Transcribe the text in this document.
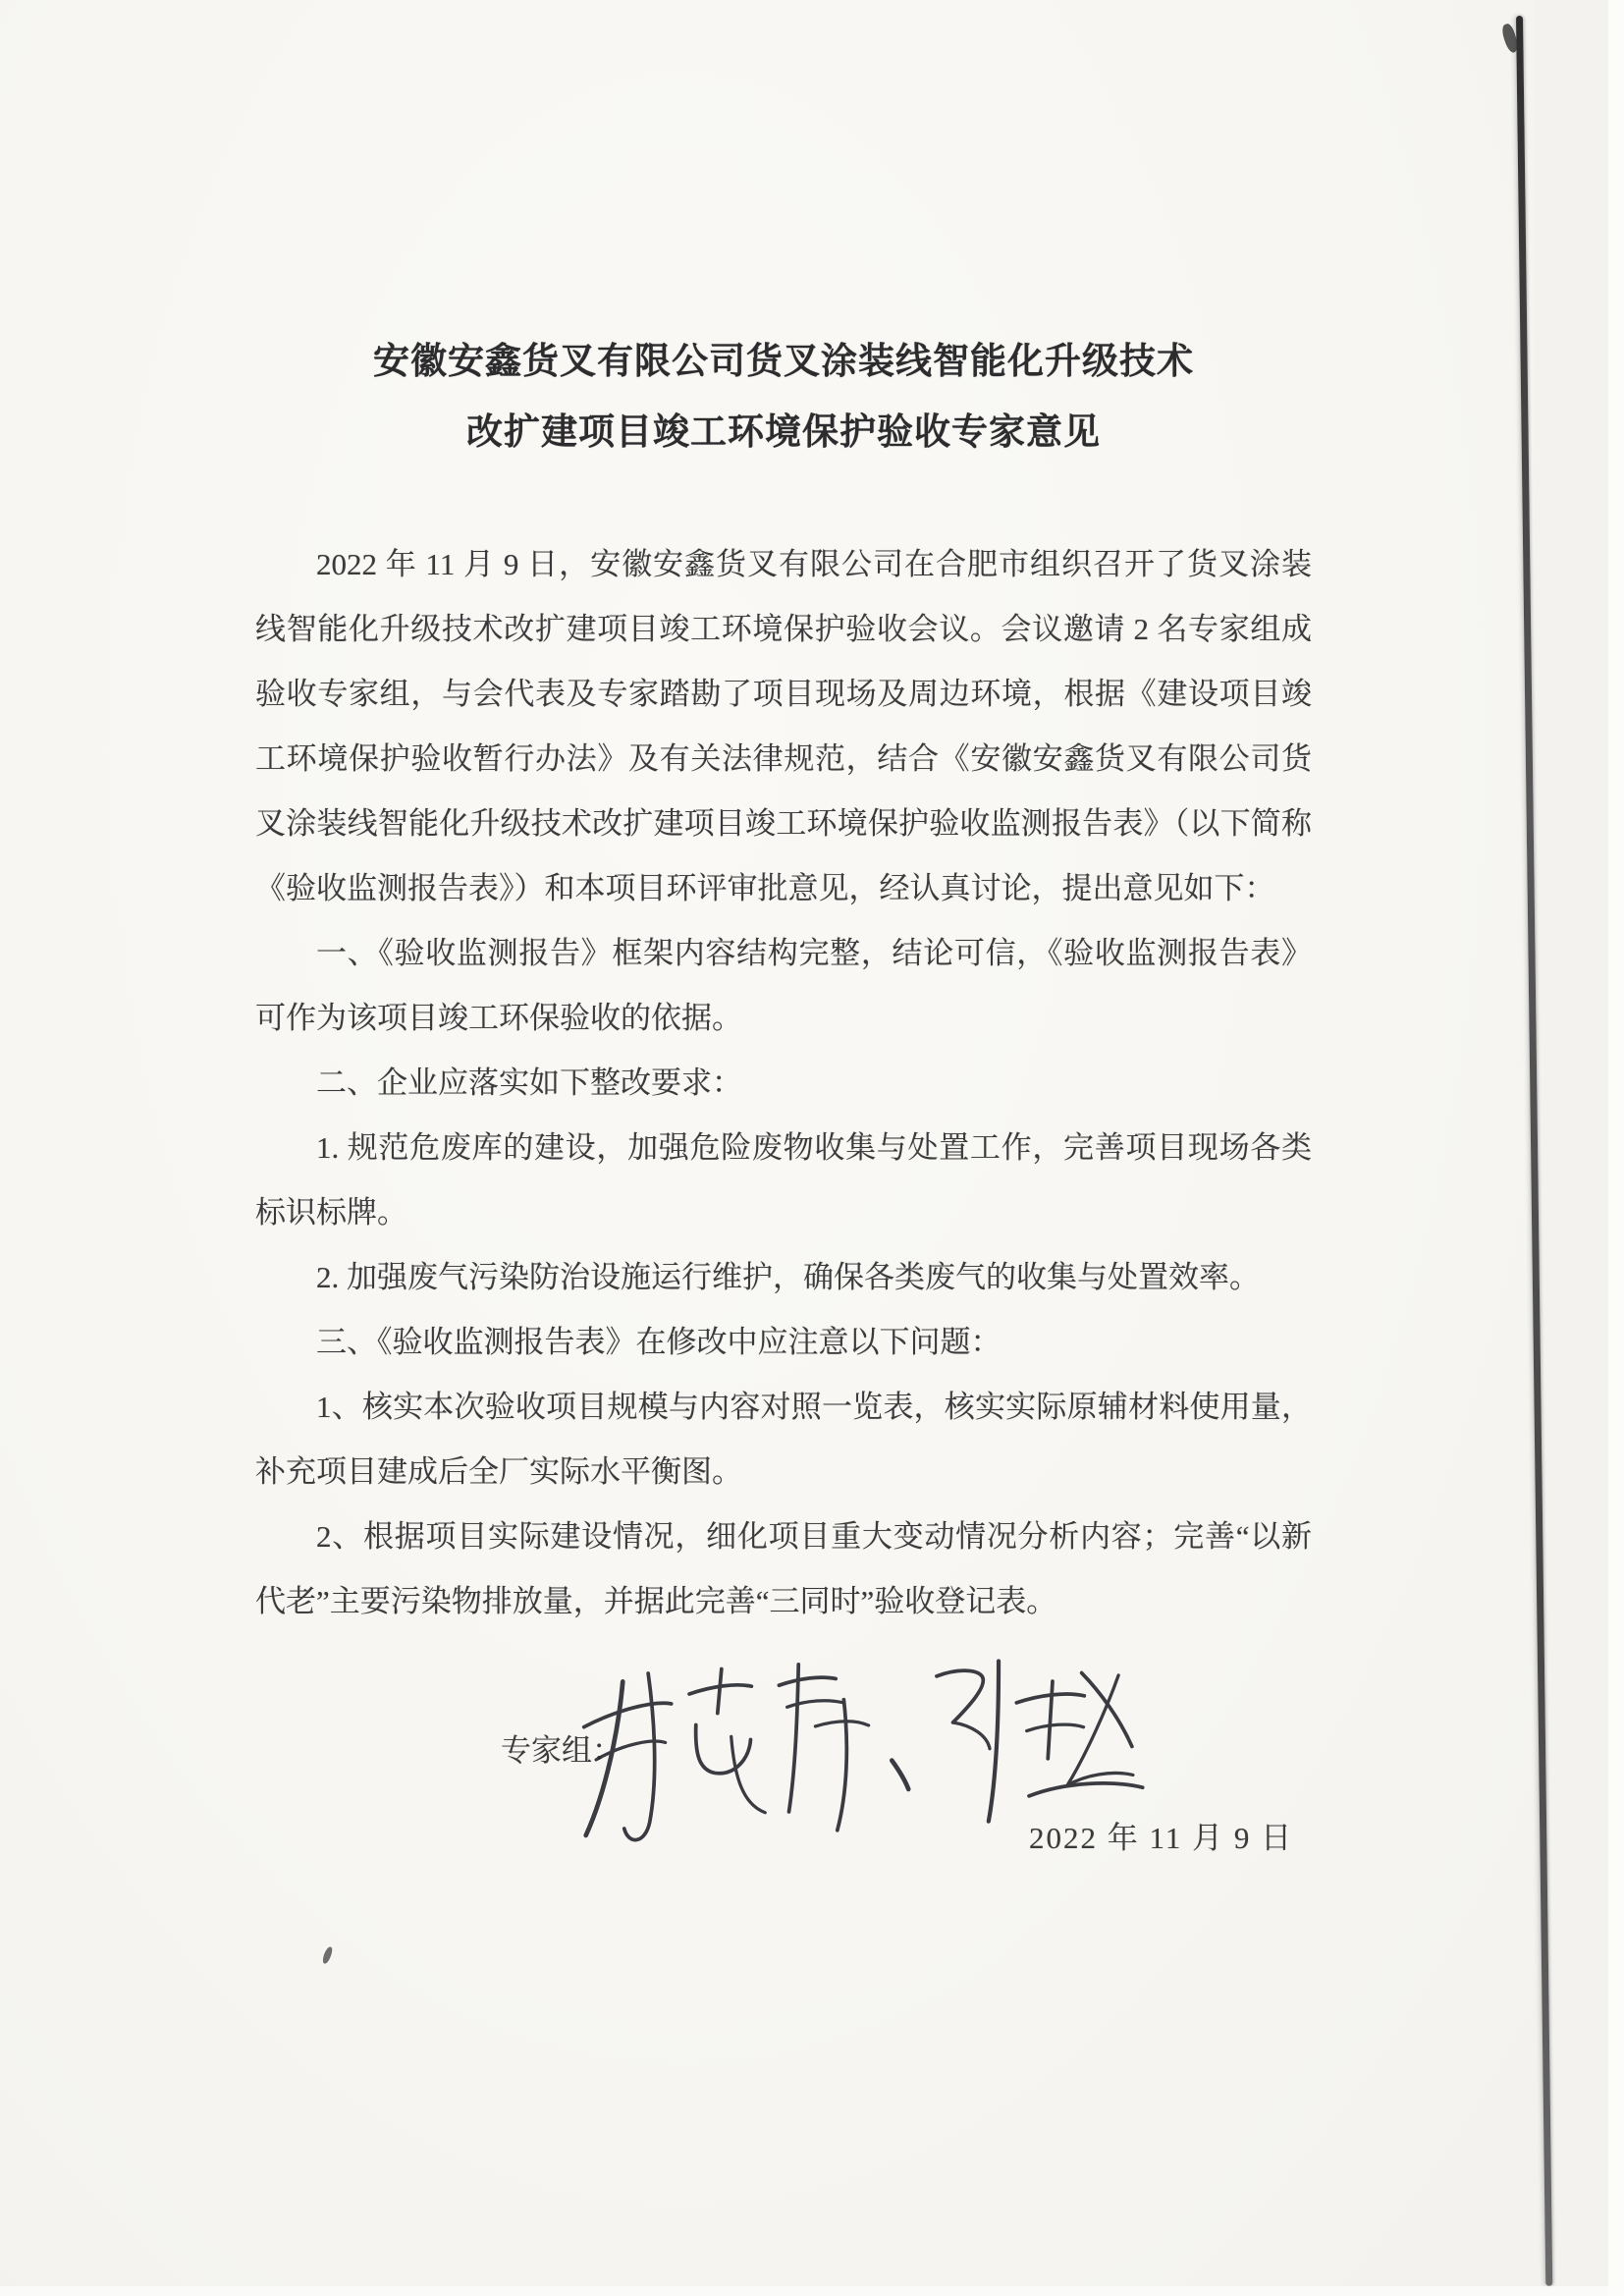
安徽安鑫货叉有限公司货叉涂装线智能化升级技术
改扩建项目竣工环境保护验收专家意见

2022 年 11 月 9 日，安徽安鑫货叉有限公司在合肥市组织召开了货叉涂装线智能化升级技术改扩建项目竣工环境保护验收会议。会议邀请 2 名专家组成验收专家组，与会代表及专家踏勘了项目现场及周边环境，根据《建设项目竣工环境保护验收暂行办法》及有关法律规范，结合《安徽安鑫货叉有限公司货叉涂装线智能化升级技术改扩建项目竣工环境保护验收监测报告表》（以下简称《验收监测报告表》）和本项目环评审批意见，经认真讨论，提出意见如下：

一、《验收监测报告》框架内容结构完整，结论可信，《验收监测报告表》可作为该项目竣工环保验收的依据。

二、企业应落实如下整改要求：

1. 规范危废库的建设，加强危险废物收集与处置工作，完善项目现场各类标识标牌。

2. 加强废气污染防治设施运行维护，确保各类废气的收集与处置效率。

三、《验收监测报告表》在修改中应注意以下问题：

1、核实本次验收项目规模与内容对照一览表，核实实际原辅材料使用量，补充项目建成后全厂实际水平衡图。

2、根据项目实际建设情况，细化项目重大变动情况分析内容；完善“以新代老”主要污染物排放量，并据此完善“三同时”验收登记表。

专家组：
2022 年 11 月 9 日
